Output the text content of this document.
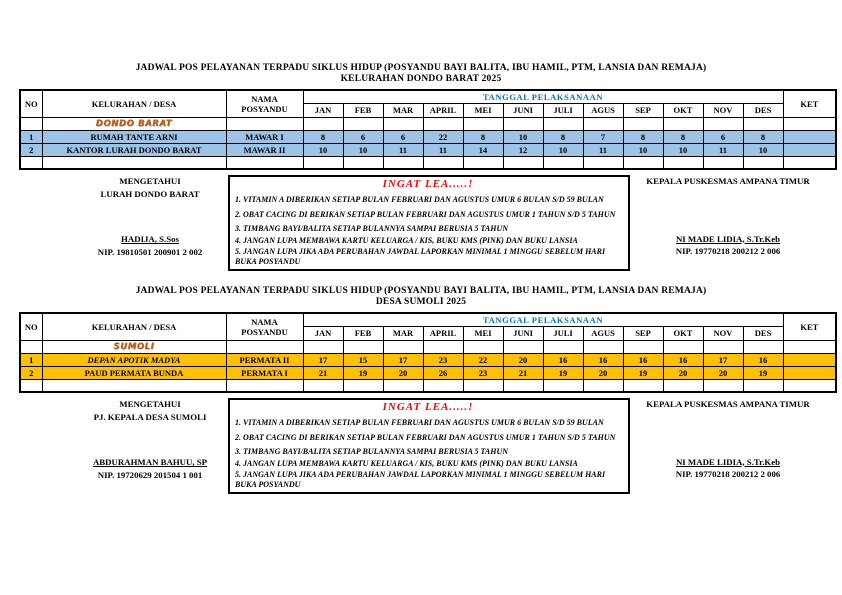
JADWAL POS PELAYANAN TERPADU SIKLUS HIDUP (POSYANDU BAYI BALITA, IBU HAMIL, PTM, LANSIA DAN REMAJA)
KELURAHAN DONDO BARAT 2025
NO	KELURAHAN / DESA	NAMA
POSYANDU	TANGGAL PELAKSANAAN												KET
			JAN	FEB	MAR	APRIL	MEI	JUNI	JULI	AGUS	SEP	OKT	NOV	DES	
	DONDO BARAT														
1	RUMAH TANTE ARNI	MAWAR I	8	6	6	22	8	10	8	7	8	8	6	8	
2	KANTOR LURAH DONDO BARAT	MAWAR II	10	10	11	11	14	12	10	11	10	10	11	10	

MENGETAHUI
LURAH DONDO BARAT
HADIJA, S.Sos
NIP. 19810501 200901 2 002
INGAT LEA.....!
1. VITAMIN A DIBERIKAN SETIAP BULAN FEBRUARI DAN AGUSTUS UMUR 6 BULAN S/D 59 BULAN
2. OBAT CACING DI BERIKAN SETIAP BULAN FEBRUARI DAN AGUSTUS UMUR 1 TAHUN S/D 5 TAHUN
3. TIMBANG BAYI/BALITA SETIAP BULANNYA SAMPAI BERUSIA 5 TAHUN
4. JANGAN LUPA MEMBAWA KARTU KELUARGA / KIS, BUKU KMS (PINK) DAN BUKU LANSIA
5. JANGAN LUPA JIKA ADA PERUBAHAN JAWDAL LAPORKAN MINIMAL 1 MINGGU SEBELUM HARI BUKA POSYANDU
KEPALA PUSKESMAS AMPANA TIMUR
NI MADE LIDIA, S.Tr.Keb
NIP. 19770218 200212 2 006
JADWAL POS PELAYANAN TERPADU SIKLUS HIDUP (POSYANDU BAYI BALITA, IBU HAMIL, PTM, LANSIA DAN REMAJA)
DESA SUMOLI 2025
NO	KELURAHAN / DESA	NAMA
POSYANDU	TANGGAL PELAKSANAAN												KET
			JAN	FEB	MAR	APRIL	MEI	JUNI	JULI	AGUS	SEP	OKT	NOV	DES	
	SUMOLI														
1	DEPAN APOTIK MADYA	PERMATA II	17	15	17	23	22	20	16	16	16	16	17	16	
2	PAUD PERMATA BUNDA	PERMATA I	21	19	20	26	23	21	19	20	19	20	20	19	

MENGETAHUI
PJ. KEPALA DESA SUMOLI
ABDURAHMAN BAHUU, SP
NIP. 19720629 201504 1 001
INGAT LEA.....!
1. VITAMIN A DIBERIKAN SETIAP BULAN FEBRUARI DAN AGUSTUS UMUR 6 BULAN S/D 59 BULAN
2. OBAT CACING DI BERIKAN SETIAP BULAN FEBRUARI DAN AGUSTUS UMUR 1 TAHUN S/D 5 TAHUN
3. TIMBANG BAYI/BALITA SETIAP BULANNYA SAMPAI BERUSIA 5 TAHUN
4. JANGAN LUPA MEMBAWA KARTU KELUARGA / KIS, BUKU KMS (PINK) DAN BUKU LANSIA
5. JANGAN LUPA JIKA ADA PERUBAHAN JAWDAL LAPORKAN MINIMAL 1 MINGGU SEBELUM HARI BUKA POSYANDU
KEPALA PUSKESMAS AMPANA TIMUR
NI MADE LIDIA, S.Tr.Keb
NIP. 19770218 200212 2 006
